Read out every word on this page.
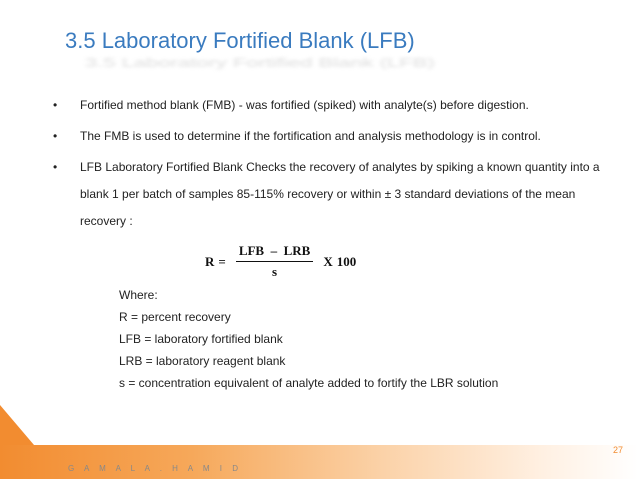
3.5 Laboratory Fortified Blank (LFB)
3.5 Laboratory Fortified Blank (LFB)
• Fortified method blank (FMB) - was fortified (spiked) with analyte(s) before digestion.
• The FMB is used to determine if the fortification and analysis methodology is in control.
• LFB Laboratory Fortified Blank Checks the recovery of analytes by spiking a known quantity into a blank 1 per batch of samples 85-115% recovery or within ± 3 standard deviations of the mean recovery :
$R = \frac{\text{LFB  –  LRB}}{s}$ X 100
Where:
R = percent recovery
LFB = laboratory fortified blank
LRB = laboratory reagent blank
s = concentration equivalent of analyte added to fortify the LBR solution
G A M A L A . H A M I D
27
